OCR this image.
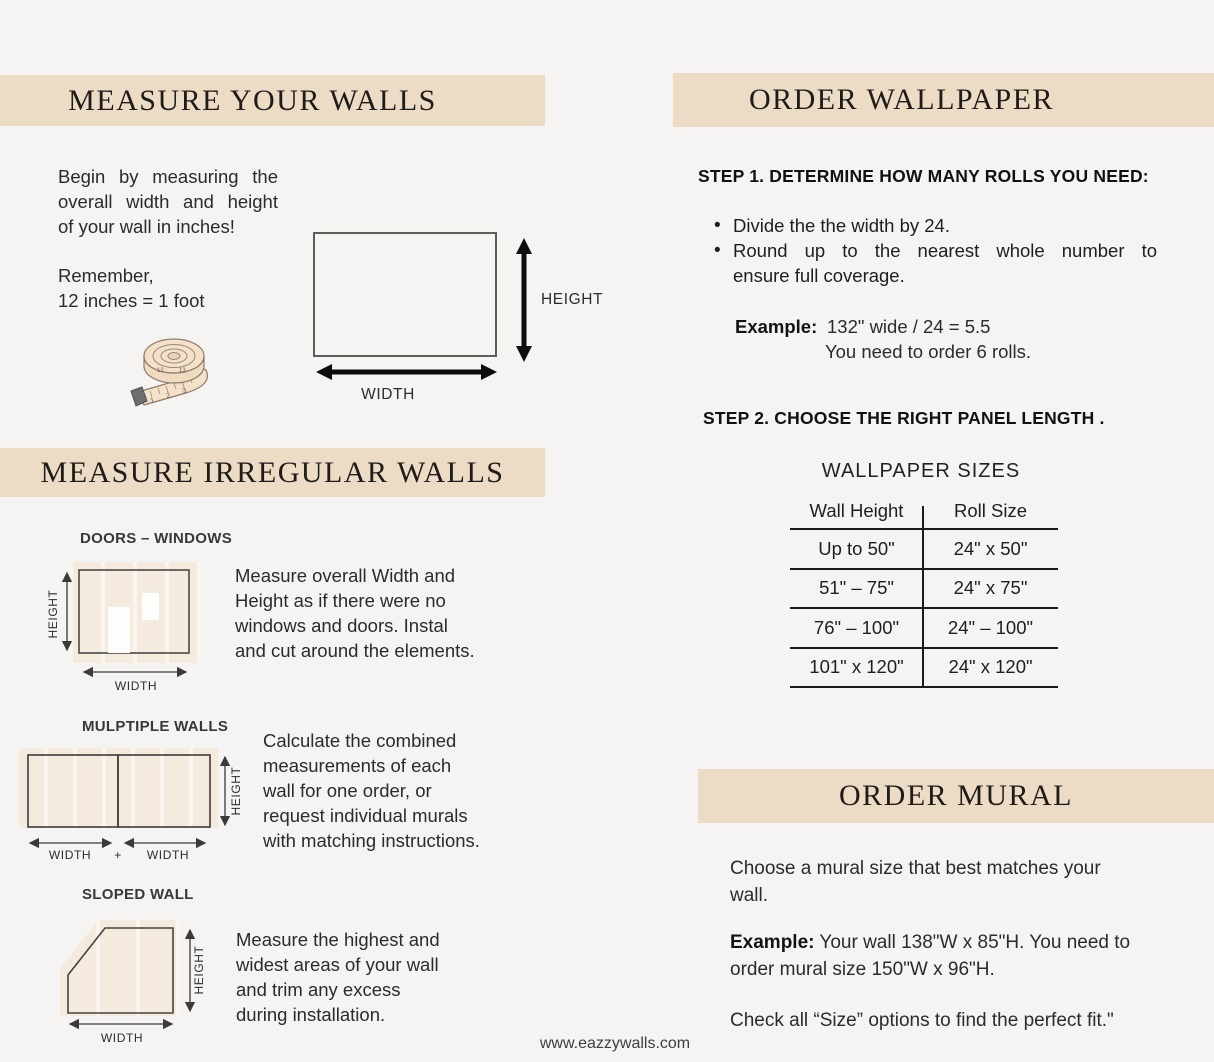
MEASURE YOUR WALLS
Begin by measuring the
overall width and height
of your wall in inches!
Remember,
12 inches = 1 foot
1
2
3
12	13
HEIGHT
WIDTH
MEASURE IRREGULAR WALLS
DOORS – WINDOWS
HEIGHT
WIDTH
Measure overall Width and
Height as if there were no
windows and doors. Instal
and cut around the elements.
MULPTIPLE WALLS
HEIGHT
WIDTH + WIDTH
Calculate the combined
measurements of each
wall for one order, or
request individual murals
with matching instructions.
SLOPED WALL
HEIGHT
WIDTH
Measure the highest and
widest areas of your wall
and trim any excess
during installation.
ORDER WALLPAPER
STEP 1. DETERMINE HOW MANY ROLLS YOU NEED:
• Divide the the width by 24.
• Round up to the nearest whole number to
ensure full coverage.
Example: 132" wide / 24 = 5.5
You need to order 6 rolls.
STEP 2. CHOOSE THE RIGHT PANEL LENGTH .
WALLPAPER SIZES
Wall Height	Roll Size
Up to 50"	24" x 50"
51" – 75"	24" x 75"
76" – 100"	24" – 100"
101" x 120"	24" x 120"
ORDER MURAL
Choose a mural size that best matches your
wall.
Example: Your wall 138"W x 85"H. You need to
order mural size 150"W x 96"H.
Check all “Size” options to find the perfect fit."
www.eazzywalls.com
